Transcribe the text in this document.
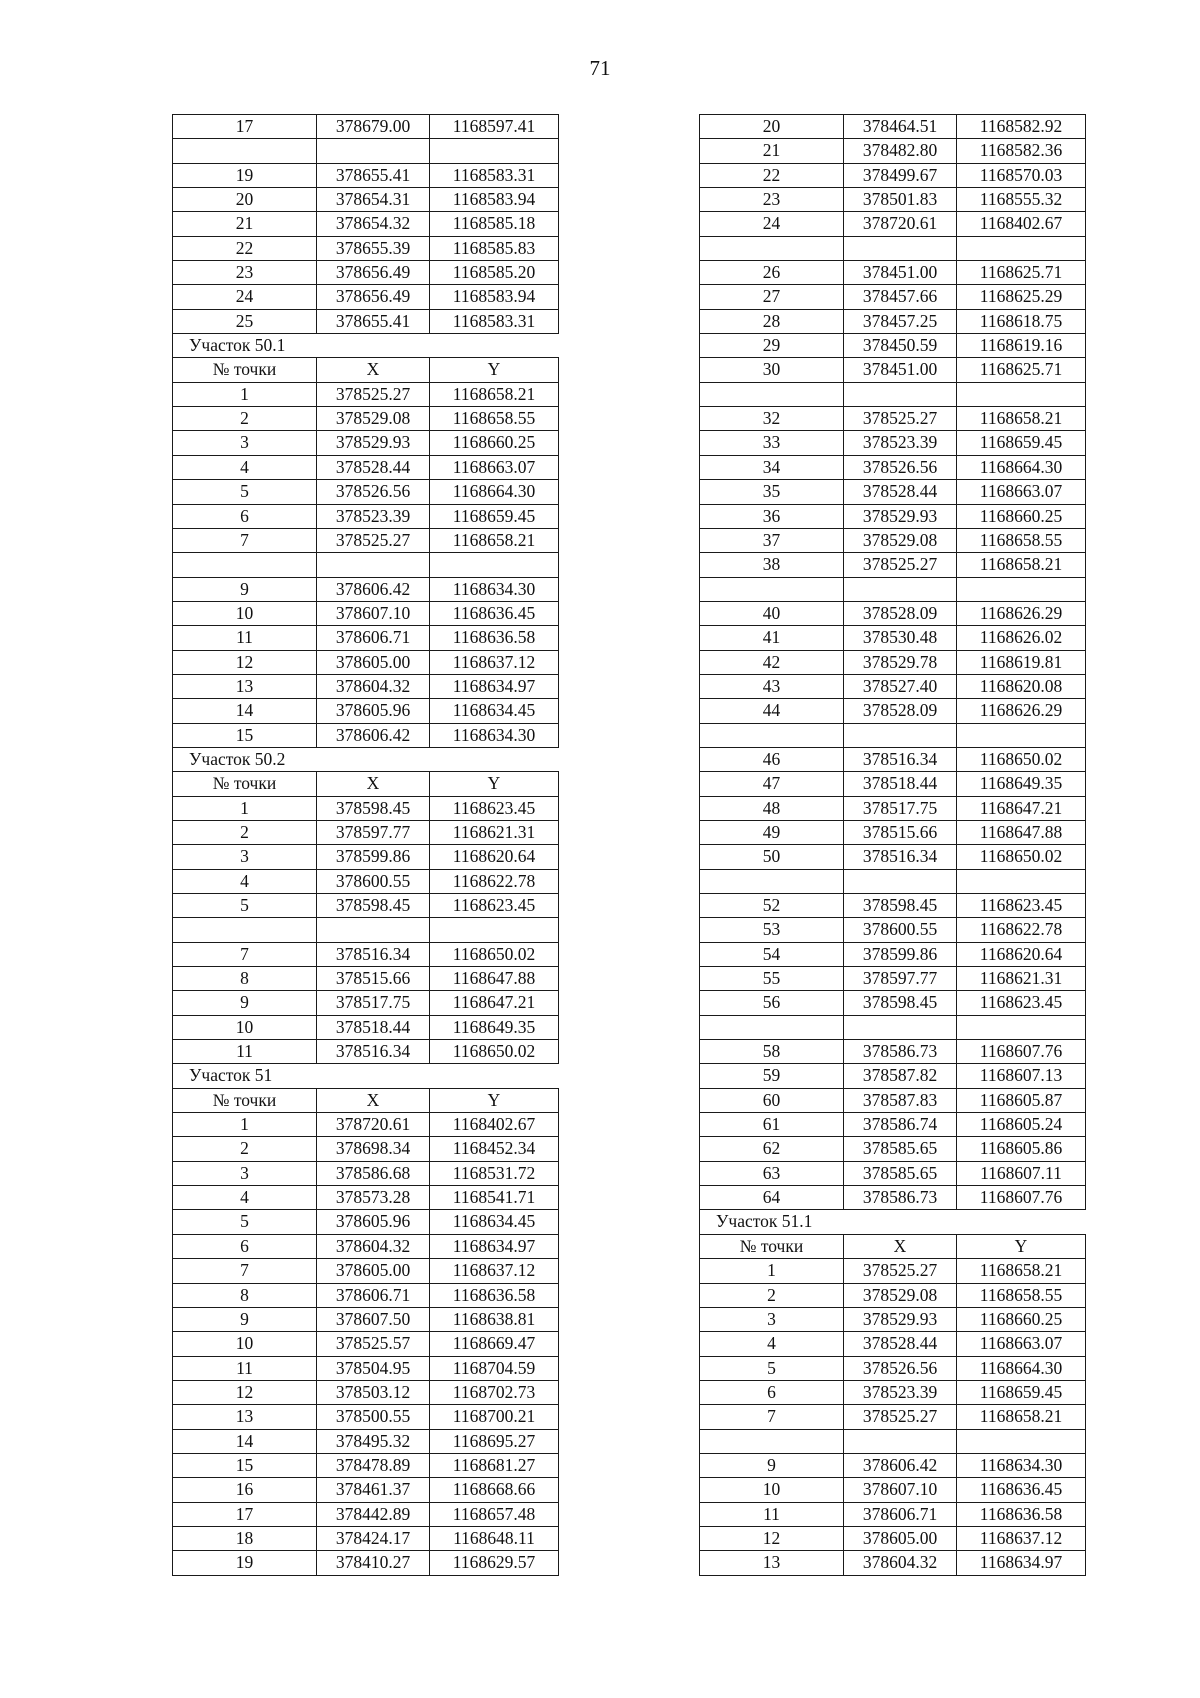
71
17	378679.00	1168597.41

19	378655.41	1168583.31
20	378654.31	1168583.94
21	378654.32	1168585.18
22	378655.39	1168585.83
23	378656.49	1168585.20
24	378656.49	1168583.94
25	378655.41	1168583.31
Участок 50.1		
№ точки	X	Y
1	378525.27	1168658.21
2	378529.08	1168658.55
3	378529.93	1168660.25
4	378528.44	1168663.07
5	378526.56	1168664.30
6	378523.39	1168659.45
7	378525.27	1168658.21

9	378606.42	1168634.30
10	378607.10	1168636.45
11	378606.71	1168636.58
12	378605.00	1168637.12
13	378604.32	1168634.97
14	378605.96	1168634.45
15	378606.42	1168634.30
Участок 50.2		
№ точки	X	Y
1	378598.45	1168623.45
2	378597.77	1168621.31
3	378599.86	1168620.64
4	378600.55	1168622.78
5	378598.45	1168623.45

7	378516.34	1168650.02
8	378515.66	1168647.88
9	378517.75	1168647.21
10	378518.44	1168649.35
11	378516.34	1168650.02
Участок 51		
№ точки	X	Y
1	378720.61	1168402.67
2	378698.34	1168452.34
3	378586.68	1168531.72
4	378573.28	1168541.71
5	378605.96	1168634.45
6	378604.32	1168634.97
7	378605.00	1168637.12
8	378606.71	1168636.58
9	378607.50	1168638.81
10	378525.57	1168669.47
11	378504.95	1168704.59
12	378503.12	1168702.73
13	378500.55	1168700.21
14	378495.32	1168695.27
15	378478.89	1168681.27
16	378461.37	1168668.66
17	378442.89	1168657.48
18	378424.17	1168648.11
19	378410.27	1168629.57
20	378464.51	1168582.92
21	378482.80	1168582.36
22	378499.67	1168570.03
23	378501.83	1168555.32
24	378720.61	1168402.67

26	378451.00	1168625.71
27	378457.66	1168625.29
28	378457.25	1168618.75
29	378450.59	1168619.16
30	378451.00	1168625.71

32	378525.27	1168658.21
33	378523.39	1168659.45
34	378526.56	1168664.30
35	378528.44	1168663.07
36	378529.93	1168660.25
37	378529.08	1168658.55
38	378525.27	1168658.21

40	378528.09	1168626.29
41	378530.48	1168626.02
42	378529.78	1168619.81
43	378527.40	1168620.08
44	378528.09	1168626.29

46	378516.34	1168650.02
47	378518.44	1168649.35
48	378517.75	1168647.21
49	378515.66	1168647.88
50	378516.34	1168650.02

52	378598.45	1168623.45
53	378600.55	1168622.78
54	378599.86	1168620.64
55	378597.77	1168621.31
56	378598.45	1168623.45

58	378586.73	1168607.76
59	378587.82	1168607.13
60	378587.83	1168605.87
61	378586.74	1168605.24
62	378585.65	1168605.86
63	378585.65	1168607.11
64	378586.73	1168607.76
Участок 51.1		
№ точки	X	Y
1	378525.27	1168658.21
2	378529.08	1168658.55
3	378529.93	1168660.25
4	378528.44	1168663.07
5	378526.56	1168664.30
6	378523.39	1168659.45
7	378525.27	1168658.21

9	378606.42	1168634.30
10	378607.10	1168636.45
11	378606.71	1168636.58
12	378605.00	1168637.12
13	378604.32	1168634.97
